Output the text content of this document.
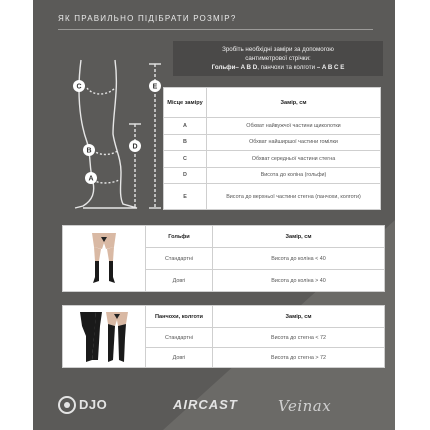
ЯК ПРАВИЛЬНО ПІДІБРАТИ РОЗМІР?
Зробіть необхідні заміри за допомогою
сантиметрової стрічки:
Гольфи– A B D, панчохи та колготи – A B C E
C	E
D
B
A
Місце заміру	Замір, см
A	Обхват найвужчої частини щиколотки
B	Обхват найширшої частини гомілки
C	Обхват середньої частини стегна
D	Висота до коліна (гольфи)
E	Висота до верхньої частини стегна (панчохи, колготи)
	Гольфи	Замір, см
	Стандартні	Висота до коліна < 40
	Довгі	Висота до коліна > 40
	Панчохи, колготи	Замір, см
	Стандартні	Висота до стегна < 72
	Довгі	Висота до стегна > 72
DJO	AIRCAST	Veinax
